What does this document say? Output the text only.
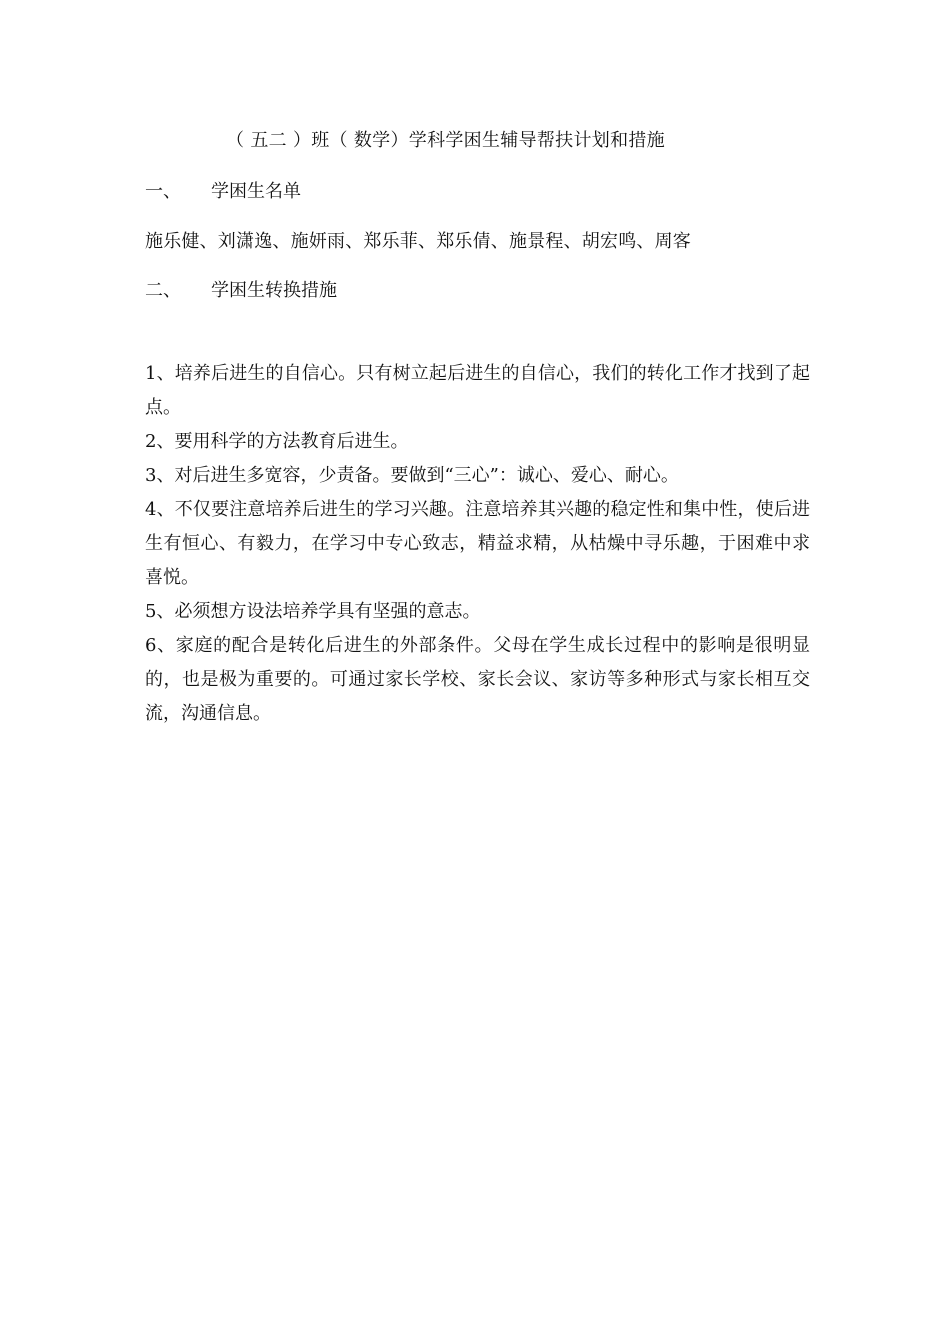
（ 五二 ）班（ 数学）学科学困生辅导帮扶计划和措施
一、 学困生名单
施乐健、刘潇逸、施妍雨、郑乐菲、郑乐倩、施景程、胡宏鸣、周客
二、 学困生转换措施

1、培养后进生的自信心。只有树立起后进生的自信心，我们的转化工作才找到了起点。

2、要用科学的方法教育后进生。

3、对后进生多宽容，少责备。要做到“三心”：诚心、爱心、耐心。

4、不仅要注意培养后进生的学习兴趣。注意培养其兴趣的稳定性和集中性，使后进生有恒心、有毅力，在学习中专心致志，精益求精，从枯燥中寻乐趣，于困难中求喜悦。

5、必须想方设法培养学具有坚强的意志。

6、家庭的配合是转化后进生的外部条件。父母在学生成长过程中的影响是很明显的，也是极为重要的。可通过家长学校、家长会议、家访等多种形式与家长相互交流，沟通信息。
